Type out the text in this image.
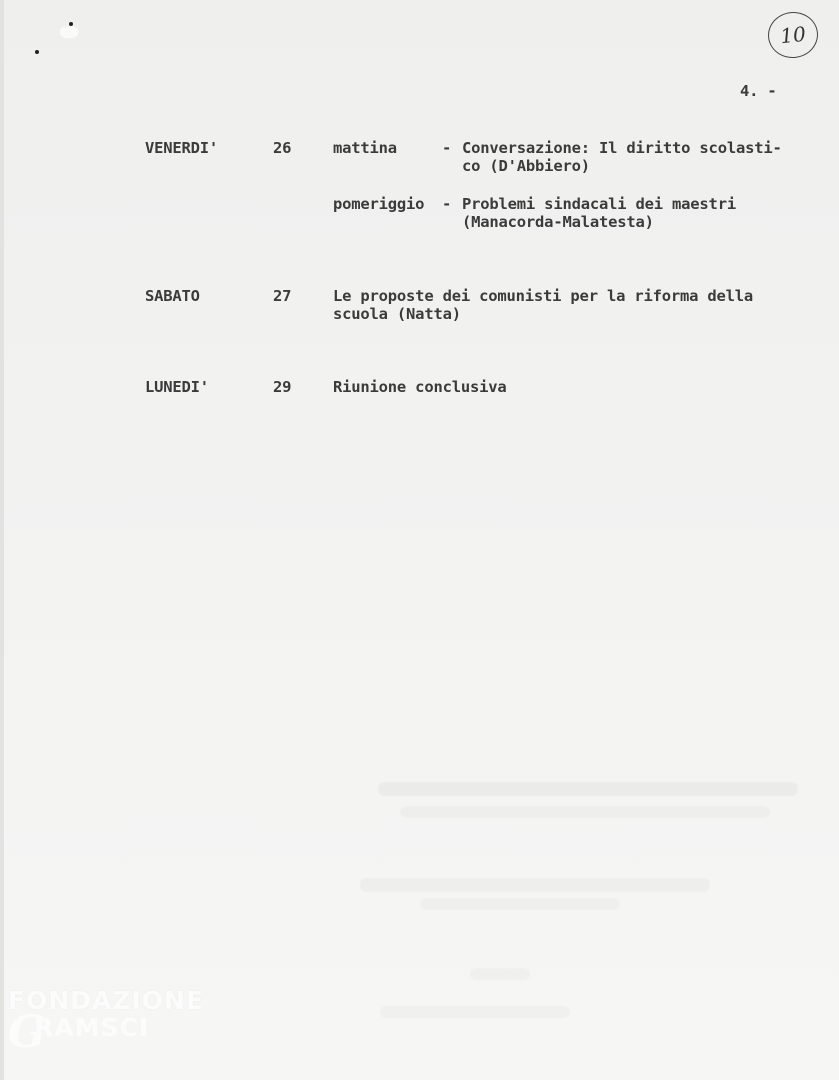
10
4. -
VENERDI'	26	mattina	- Conversazione: Il diritto scolasti-
co (D'Abbiero)
pomeriggio - Problemi sindacali dei maestri
(Manacorda-Malatesta)
SABATO	27	Le proposte dei comunisti per la riforma della
scuola (Natta)
LUNEDI'	29	Riunione conclusiva
FONDAZIONE
G
RAMSCI
